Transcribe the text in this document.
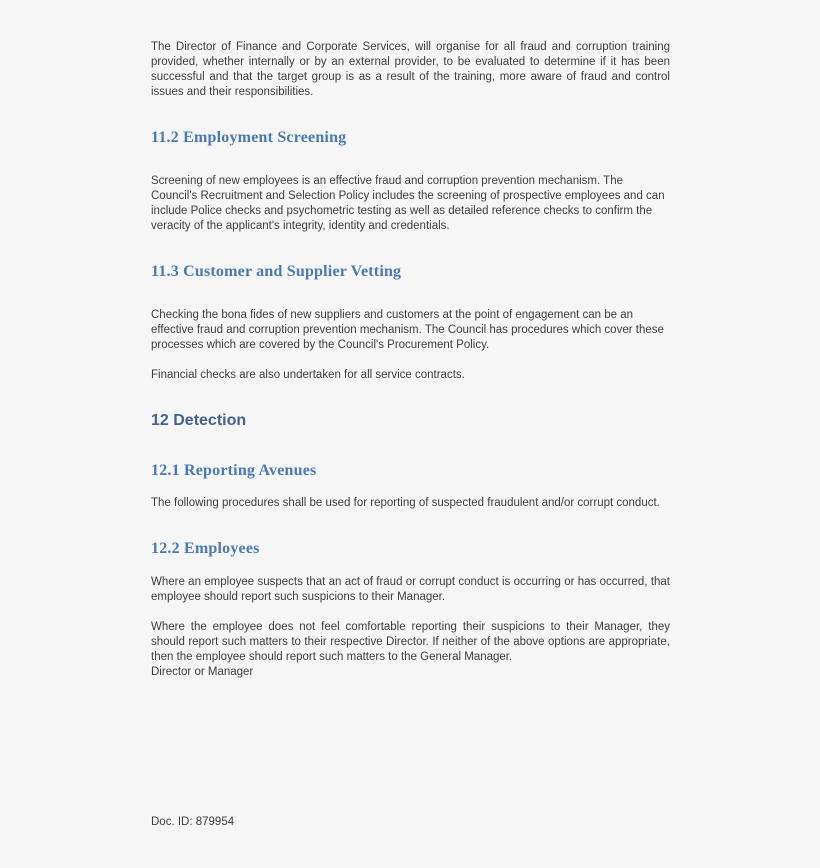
The Director of Finance and Corporate Services, will organise for all fraud and corruption training provided, whether internally or by an external provider, to be evaluated to determine if it has been successful and that the target group is as a result of the training, more aware of fraud and control issues and their responsibilities.

11.2 Employment Screening

Screening of new employees is an effective fraud and corruption prevention mechanism. The Council's Recruitment and Selection Policy includes the screening of prospective employees and can include Police checks and psychometric testing as well as detailed reference checks to confirm the veracity of the applicant's integrity, identity and credentials.

11.3 Customer and Supplier Vetting

Checking the bona fides of new suppliers and customers at the point of engagement can be an effective fraud and corruption prevention mechanism. The Council has procedures which cover these processes which are covered by the Council's Procurement Policy.

Financial checks are also undertaken for all service contracts.

12 Detection
12.1 Reporting Avenues

The following procedures shall be used for reporting of suspected fraudulent and/or corrupt conduct.

12.2 Employees

Where an employee suspects that an act of fraud or corrupt conduct is occurring or has occurred, that employee should report such suspicions to their Manager.

Where the employee does not feel comfortable reporting their suspicions to their Manager, they should report such matters to their respective Director. If neither of the above options are appropriate, then the employee should report such matters to the General Manager.

Director or Manager

Doc. ID: 879954
